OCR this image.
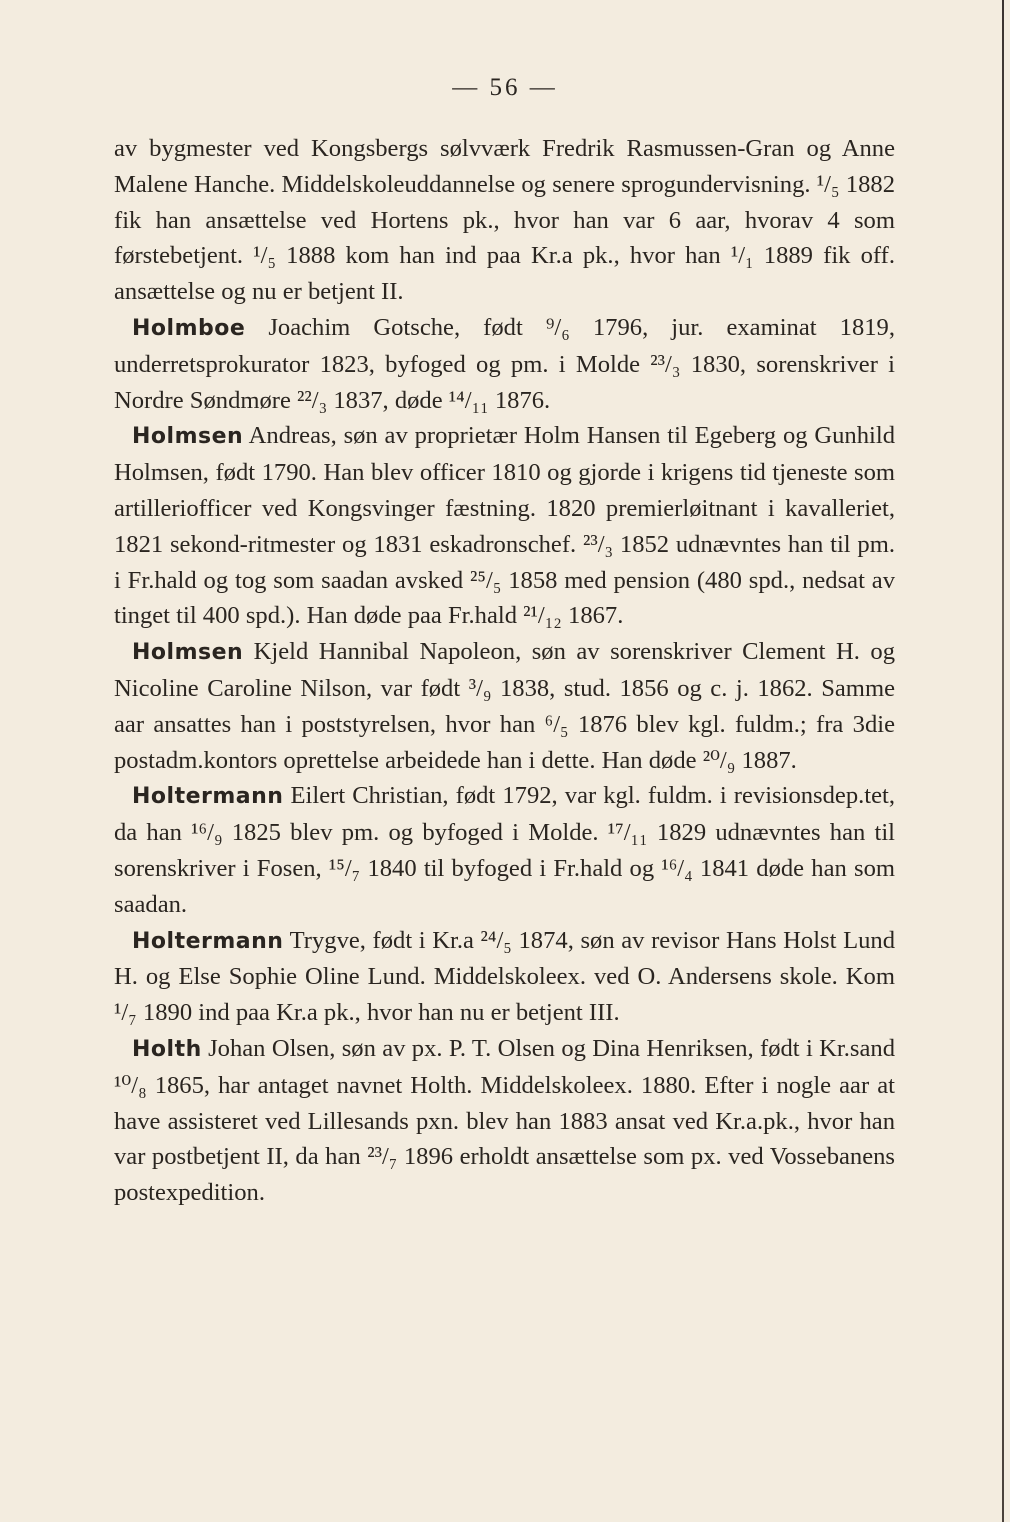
— 56 —

av bygmester ved Kongsbergs sølvværk Fredrik Rasmussen-Gran og Anne Malene Hanche. Middelskoleuddannelse og senere sprogundervisning. ¹/₅ 1882 fik han ansættelse ved Hortens pk., hvor han var 6 aar, hvorav 4 som førstebetjent. ¹/₅ 1888 kom han ind paa Kr.a pk., hvor han ¹/₁ 1889 fik off. ansættelse og nu er betjent II.

Holmboe Joachim Gotsche, født ⁹/₆ 1796, jur. examinat 1819, underretsprokurator 1823, byfoged og pm. i Molde ²³/₃ 1830, sorenskriver i Nordre Søndmøre ²²/₃ 1837, døde ¹⁴/₁₁ 1876.

Holmsen Andreas, søn av proprietær Holm Hansen til Egeberg og Gunhild Holmsen, født 1790. Han blev officer 1810 og gjorde i krigens tid tjeneste som artilleriofficer ved Kongsvinger fæstning. 1820 premierløitnant i kavalleriet, 1821 sekond-ritmester og 1831 eskadronschef. ²³/₃ 1852 udnævntes han til pm. i Fr.hald og tog som saadan avsked ²⁵/₅ 1858 med pension (480 spd., nedsat av tinget til 400 spd.). Han døde paa Fr.hald ²¹/₁₂ 1867.

Holmsen Kjeld Hannibal Napoleon, søn av sorenskriver Clement H. og Nicoline Caroline Nilson, var født ³/₉ 1838, stud. 1856 og c. j. 1862. Samme aar ansattes han i poststyrelsen, hvor han ⁶/₅ 1876 blev kgl. fuldm.; fra 3die postadm.kontors oprettelse arbeidede han i dette. Han døde ²⁰/₉ 1887.

Holtermann Eilert Christian, født 1792, var kgl. fuldm. i revisionsdep.tet, da han ¹⁶/₉ 1825 blev pm. og byfoged i Molde. ¹⁷/₁₁ 1829 udnævntes han til sorenskriver i Fosen, ¹⁵/₇ 1840 til byfoged i Fr.hald og ¹⁶/₄ 1841 døde han som saadan.

Holtermann Trygve, født i Kr.a ²⁴/₅ 1874, søn av revisor Hans Holst Lund H. og Else Sophie Oline Lund. Middelskoleex. ved O. Andersens skole. Kom ¹/₇ 1890 ind paa Kr.a pk., hvor han nu er betjent III.

Holth Johan Olsen, søn av px. P. T. Olsen og Dina Henriksen, født i Kr.sand ¹⁰/₈ 1865, har antaget navnet Holth. Middelskoleex. 1880. Efter i nogle aar at have assisteret ved Lillesands pxn. blev han 1883 ansat ved Kr.a.pk., hvor han var postbetjent II, da han ²³/₇ 1896 erholdt ansættelse som px. ved Vossebanens postexpedition.
